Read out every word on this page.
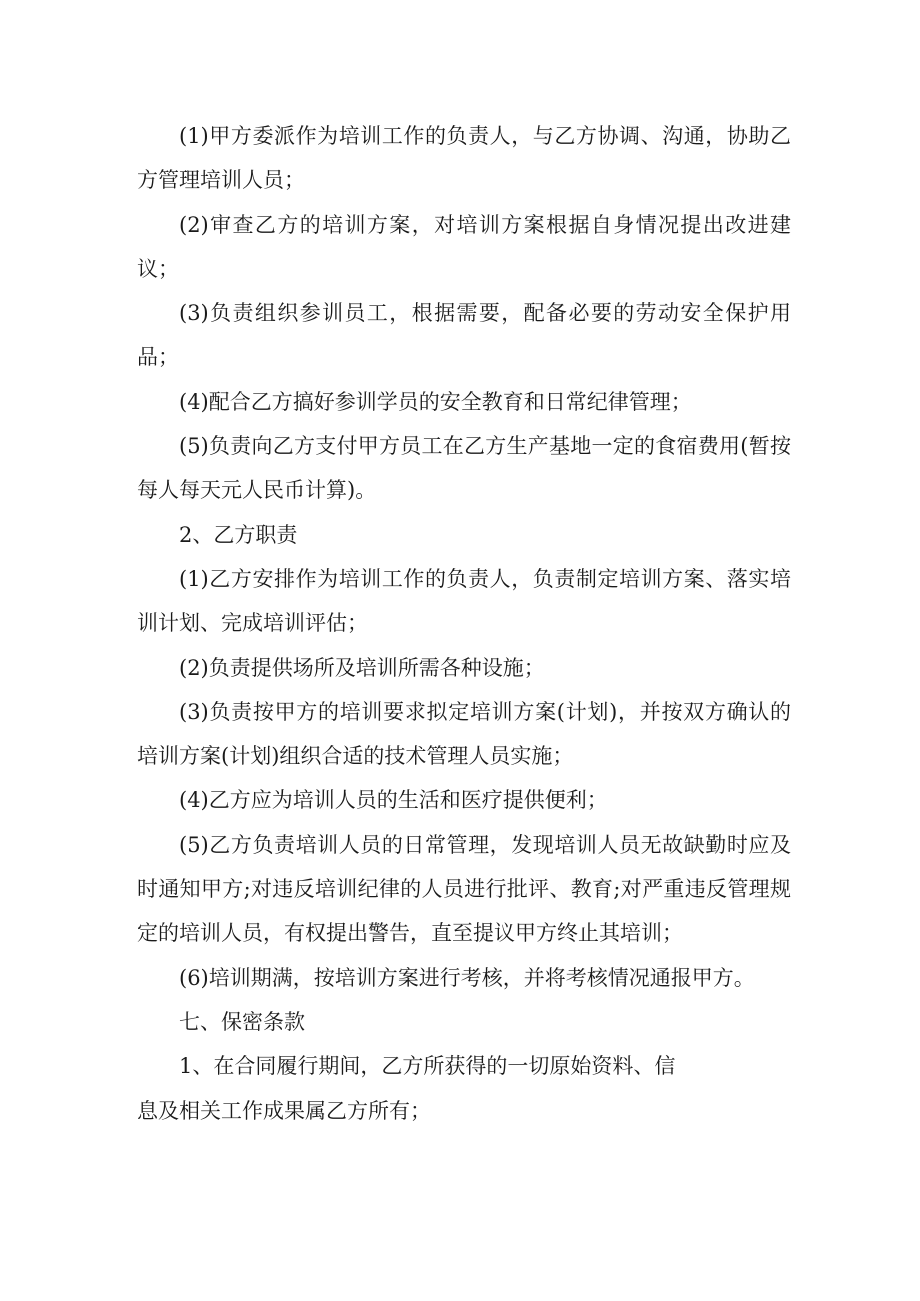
(1)甲方委派作为培训工作的负责人，与乙方协调、沟通，协助乙方管理培训人员；

(2)审查乙方的培训方案，对培训方案根据自身情况提出改进建议；

(3)负责组织参训员工，根据需要，配备必要的劳动安全保护用品；

(4)配合乙方搞好参训学员的安全教育和日常纪律管理；

(5)负责向乙方支付甲方员工在乙方生产基地一定的食宿费用(暂按每人每天元人民币计算)。

2、乙方职责

(1)乙方安排作为培训工作的负责人，负责制定培训方案、落实培训计划、完成培训评估；

(2)负责提供场所及培训所需各种设施；

(3)负责按甲方的培训要求拟定培训方案(计划)，并按双方确认的培训方案(计划)组织合适的技术管理人员实施；

(4)乙方应为培训人员的生活和医疗提供便利；

(5)乙方负责培训人员的日常管理，发现培训人员无故缺勤时应及时通知甲方;对违反培训纪律的人员进行批评、教育;对严重违反管理规定的培训人员，有权提出警告，直至提议甲方终止其培训；

(6)培训期满，按培训方案进行考核，并将考核情况通报甲方。

七、保密条款

1、在合同履行期间，乙方所获得的一切原始资料、信

息及相关工作成果属乙方所有；
